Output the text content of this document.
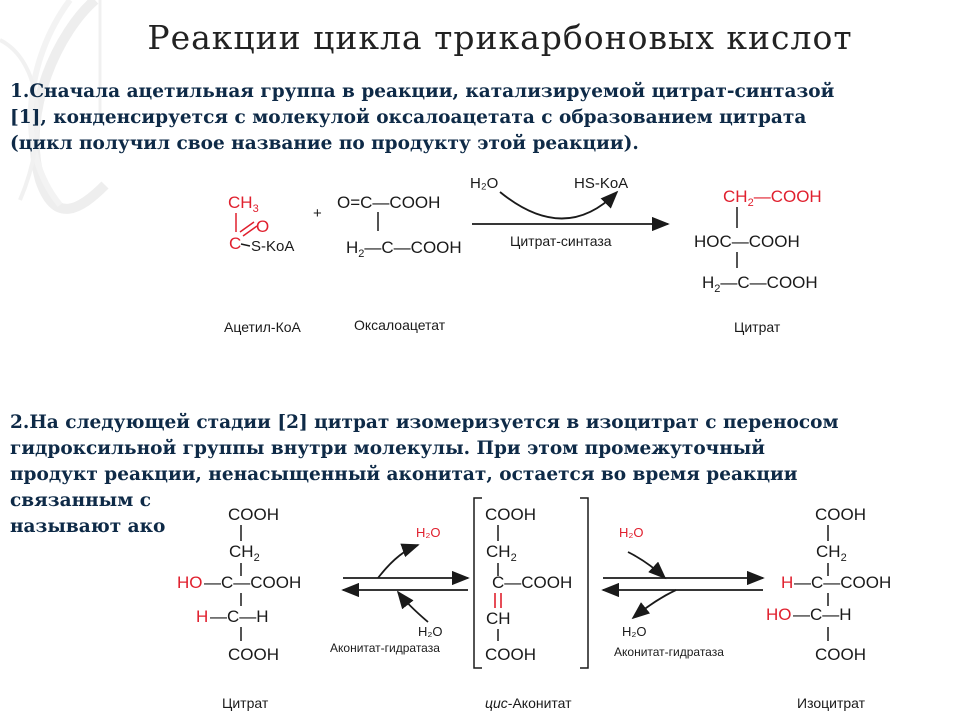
Реакции цикла трикарбоновых кислот
1.Сначала ацетильная группа в реакции, катализируемой цитрат-синтазой
[1], конденсируется с молекулой оксалоацетата с образованием цитрата
(цикл получил свое название по продукту этой реакции).
2.На следующей стадии [2] цитрат изомеризуется в изоцитрат с переносом
гидроксильной группы внутри молекулы. При этом промежуточный
продукт реакции, ненасыщенный аконитат, остается во время реакции
связанным с
называют ако
$CH_3$
O
C S-KoA
Ацетил-КоА
+
O=C—COOH
$H_2—C—COOH$
Оксалоацетат
H₂O	HS-KoA
Цитрат-синтаза
$CH_2—COOH$
HOC—COOH
$H_2—C—COOH$
Цитрат
COOH
$CH_2$
HO —C—COOH
H —C—H
COOH
Цитрат
H₂O
H₂O
Аконитат-гидратаза
COOH
$CH_2$
C—COOH
CH
COOH
цис-Аконитат
H₂O
H₂O
Аконитат-гидратаза
COOH
$CH_2$
H —C—COOH
HO —C—H
COOH
Изоцитрат
